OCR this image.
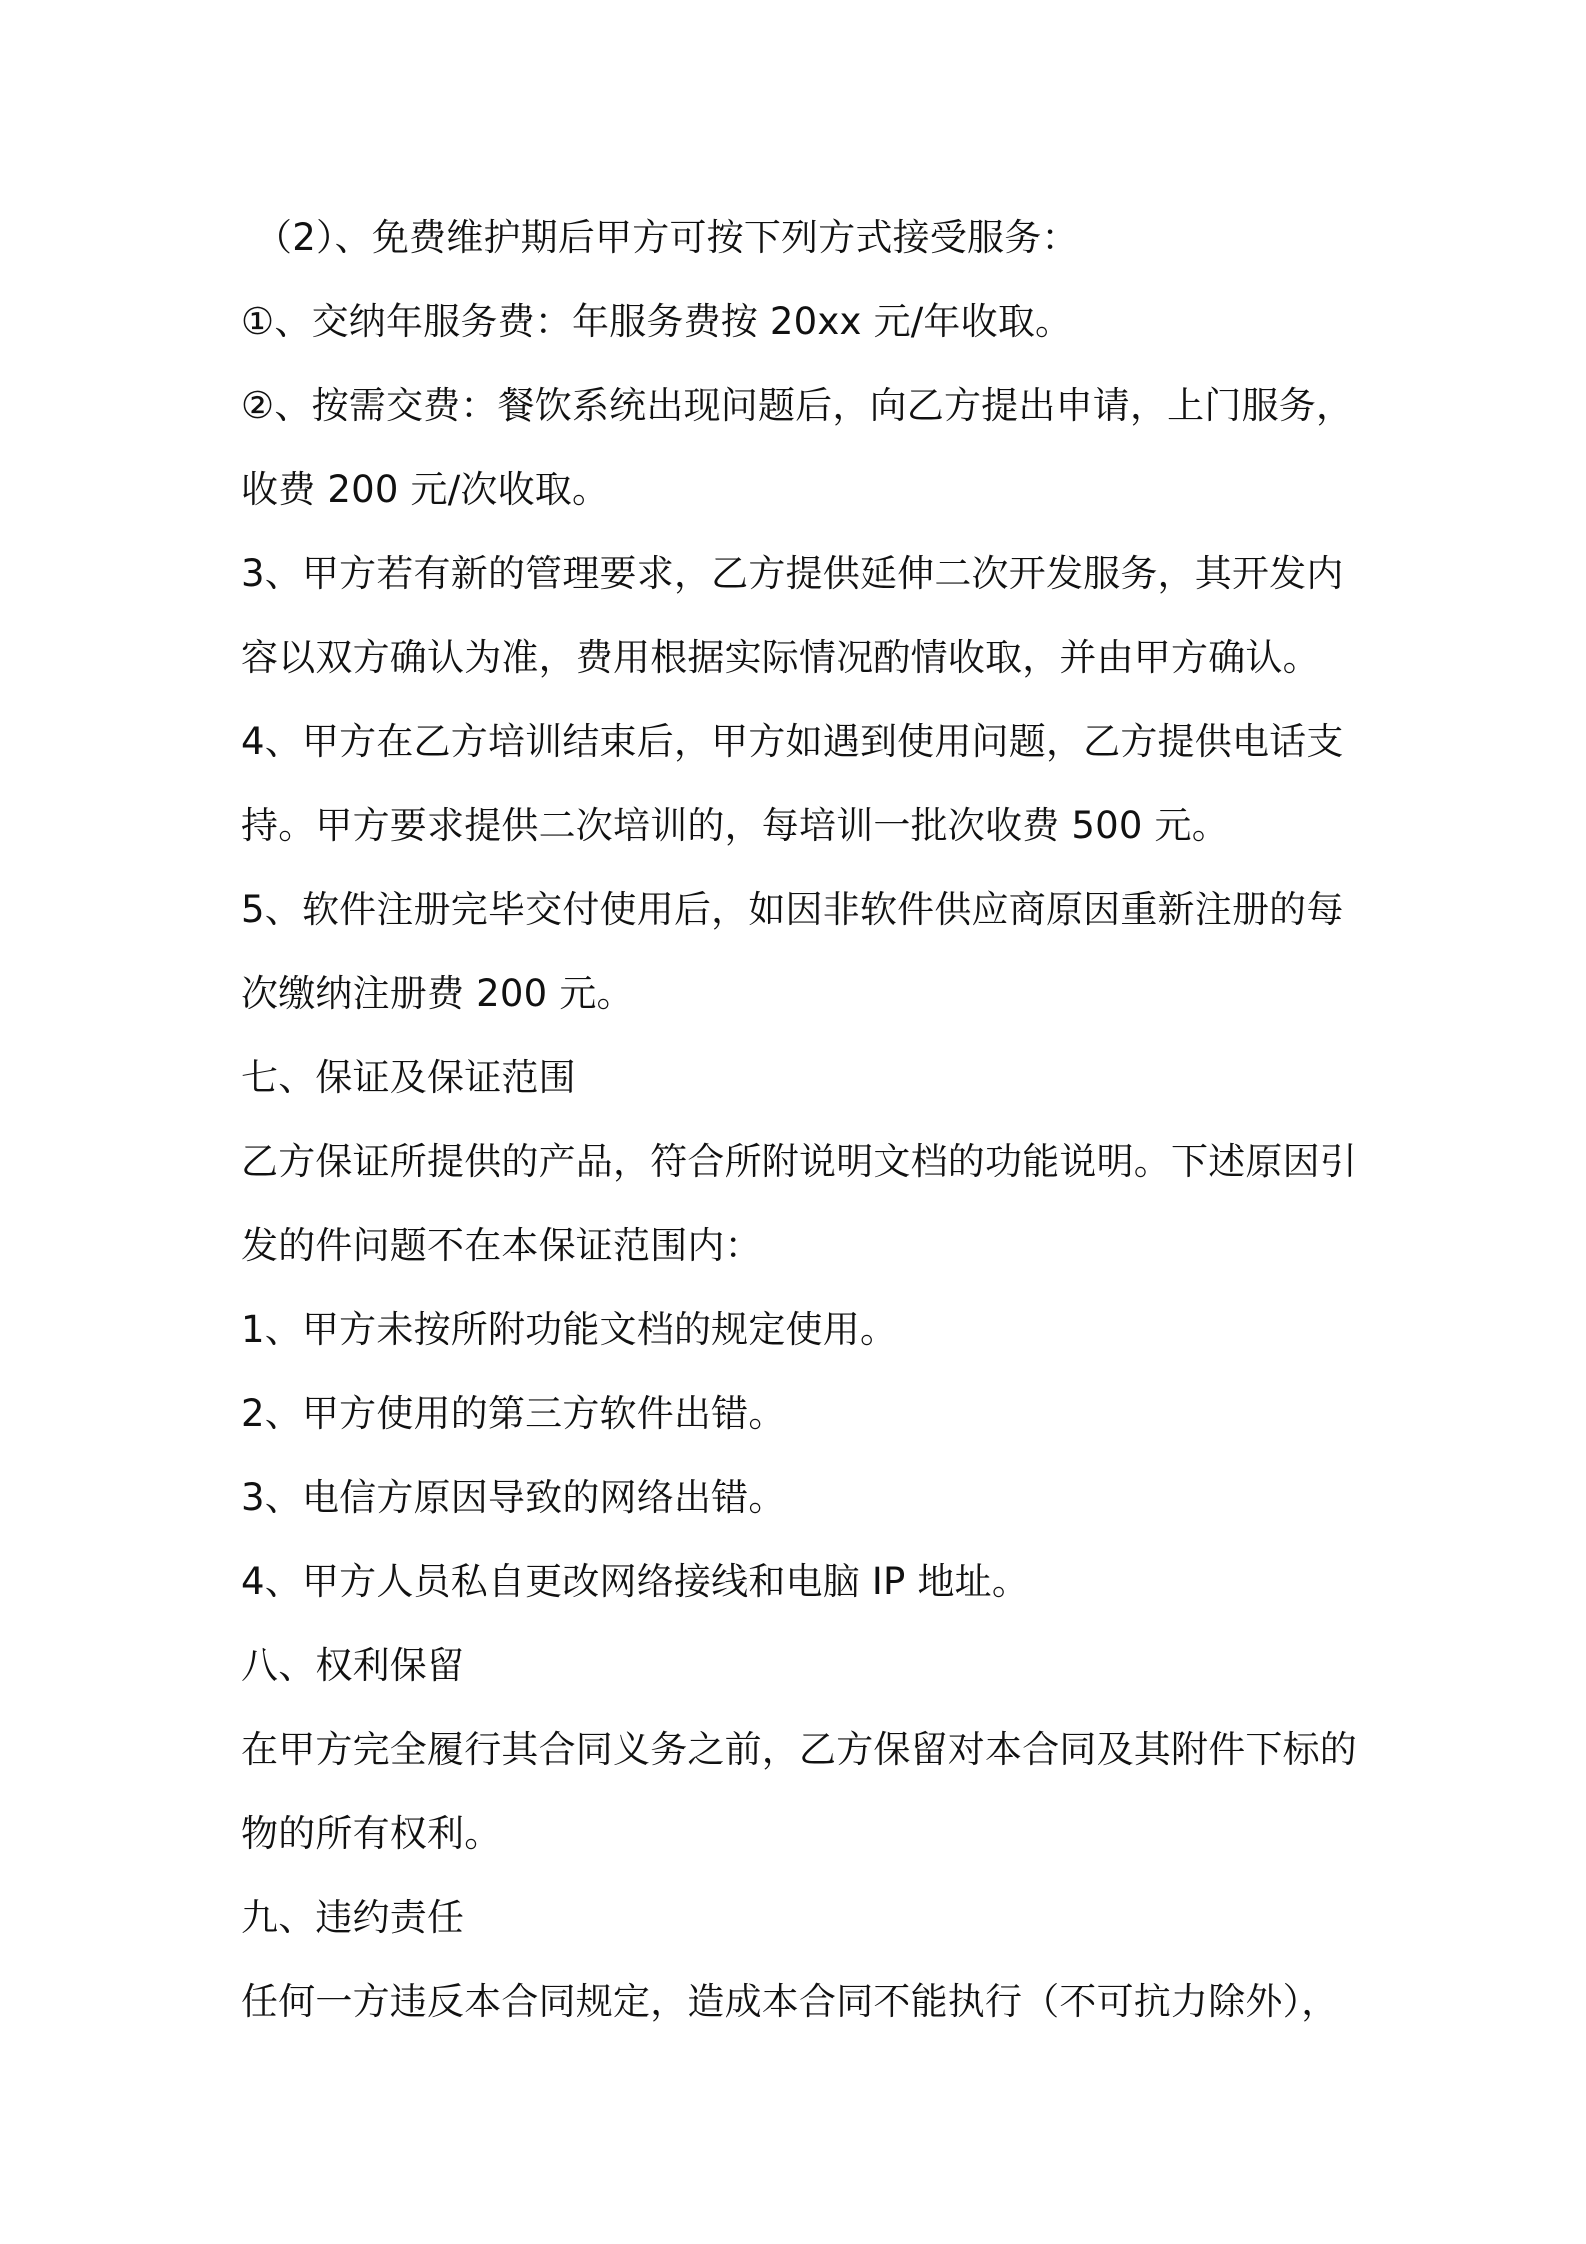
（2）、免费维护期后甲方可按下列方式接受服务：
①、交纳年服务费：年服务费按 20xx 元/年收取。
②、按需交费：餐饮系统出现问题后，向乙方提出申请，上门服务，
收费 200 元/次收取。
3、甲方若有新的管理要求，乙方提供延伸二次开发服务，其开发内
容以双方确认为准，费用根据实际情况酌情收取，并由甲方确认。
4、甲方在乙方培训结束后，甲方如遇到使用问题，乙方提供电话支
持。甲方要求提供二次培训的，每培训一批次收费 500 元。
5、软件注册完毕交付使用后，如因非软件供应商原因重新注册的每
次缴纳注册费 200 元。
七、保证及保证范围
乙方保证所提供的产品，符合所附说明文档的功能说明。下述原因引
发的件问题不在本保证范围内：
1、甲方未按所附功能文档的规定使用。
2、甲方使用的第三方软件出错。
3、电信方原因导致的网络出错。
4、甲方人员私自更改网络接线和电脑 IP 地址。
八、权利保留
在甲方完全履行其合同义务之前，乙方保留对本合同及其附件下标的
物的所有权利。
九、违约责任
任何一方违反本合同规定，造成本合同不能执行（不可抗力除外），
